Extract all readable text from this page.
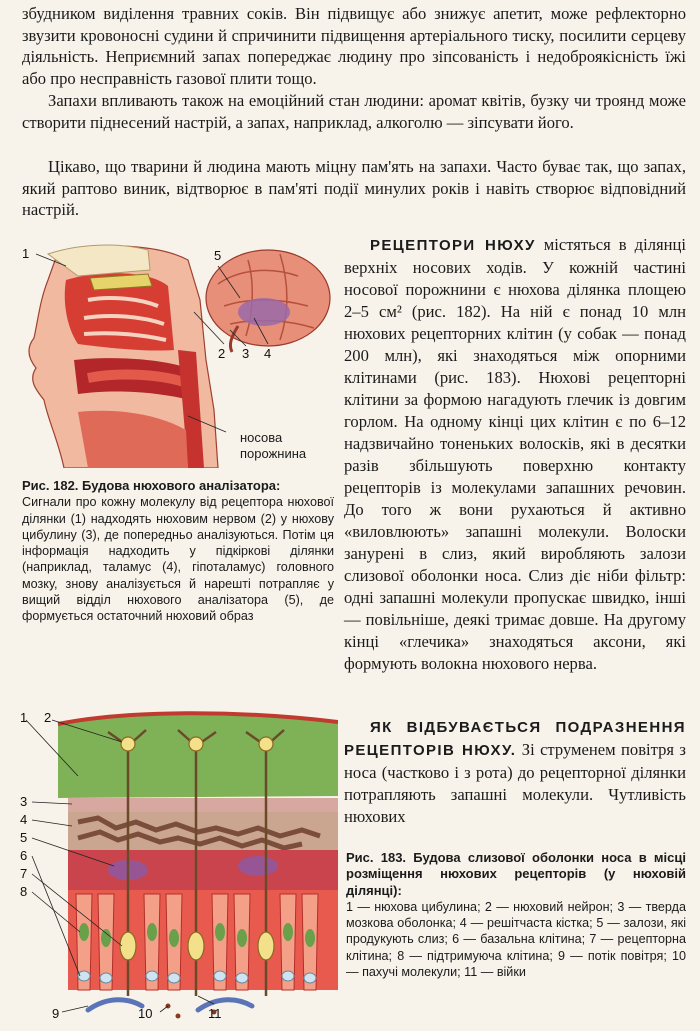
збудником виділення травних соків. Він підвищує або знижує апетит, може рефлекторно звузити кровоносні судини й спричинити підвищення артеріального тиску, посилити серцеву діяльність. Неприємний запах попереджає людину про зіпсованість і недоброякісність їжі або про несправність газової плити тощо.

Запахи впливають також на емоційний стан людини: аромат квітів, бузку чи троянд може створити піднесений настрій, а запах, наприклад, алкоголю — зіпсувати його.

Цікаво, що тварини й людина мають міцну пам'ять на запахи. Часто буває так, що запах, який раптово виник, відтворює в пам'яті події минулих років і навіть створює відповідний настрій.

РЕЦЕПТОРИ НЮХУ містяться в ділянці верхніх носових ходів. У кожній частині носової порожнини є нюхова ділянка площею 2–5 см² (рис. 182). На ній є понад 10 млн нюхових рецепторних клітин (у собак — понад 200 млн), які знаходяться між опорними клітинами (рис. 183). Нюхові рецепторні клітини за формою нагадують глечик із довгим горлом. На одному кінці цих клітин є по 6–12 надзвичайно тоненьких волосків, які в десятки разів збільшують поверхню контакту рецепторів із молекулами запашних речовин. До того ж вони рухаються й активно «виловлюють» запашні молекули. Волоски занурені в слиз, який виробляють залози слизової оболонки носа. Слиз діє ніби фільтр: одні запашні молекули пропускає швидко, інші — повільніше, деякі тримає довше. На другому кінці «глечика» знаходяться аксони, які формують волокна нюхового нерва.

ЯК ВІДБУВАЄТЬСЯ ПОДРАЗНЕННЯ РЕЦЕПТОРІВ НЮХУ. Зі струменем повітря з носа (частково і з рота) до рецепторної ділянки потрапляють запашні молекули. Чутливість нюхових

1
2 3 4
5
носова
порожнина
Рис. 182. Будова нюхового аналізатора:
Сигнали про кожну молекулу від рецептора нюхової ділянки (1) надходять нюховим нервом (2) у нюхову цибулину (3), де попередньо аналізуються. Потім ця інформація надходить у підкіркові ділянки (наприклад, таламус (4), гіпоталамус) головного мозку, знову аналізується й нарешті потрапляє у вищий відділ нюхового аналізатора (5), де формується остаточний нюховий образ
1 2
3
4
5
6
7
8
9	10	11
Рис. 183. Будова слизової оболонки носа в місці розміщення нюхових рецепторів (у нюховій ділянці):
1 — нюхова цибулина; 2 — нюховий нейрон; 3 — тверда мозкова оболонка; 4 — решітчаста кістка; 5 — залози, які продукують слиз; 6 — базальна клітина; 7 — рецепторна клітина; 8 — підтримуюча клітина; 9 — потік повітря; 10 — пахучі молекули; 11 — війки
